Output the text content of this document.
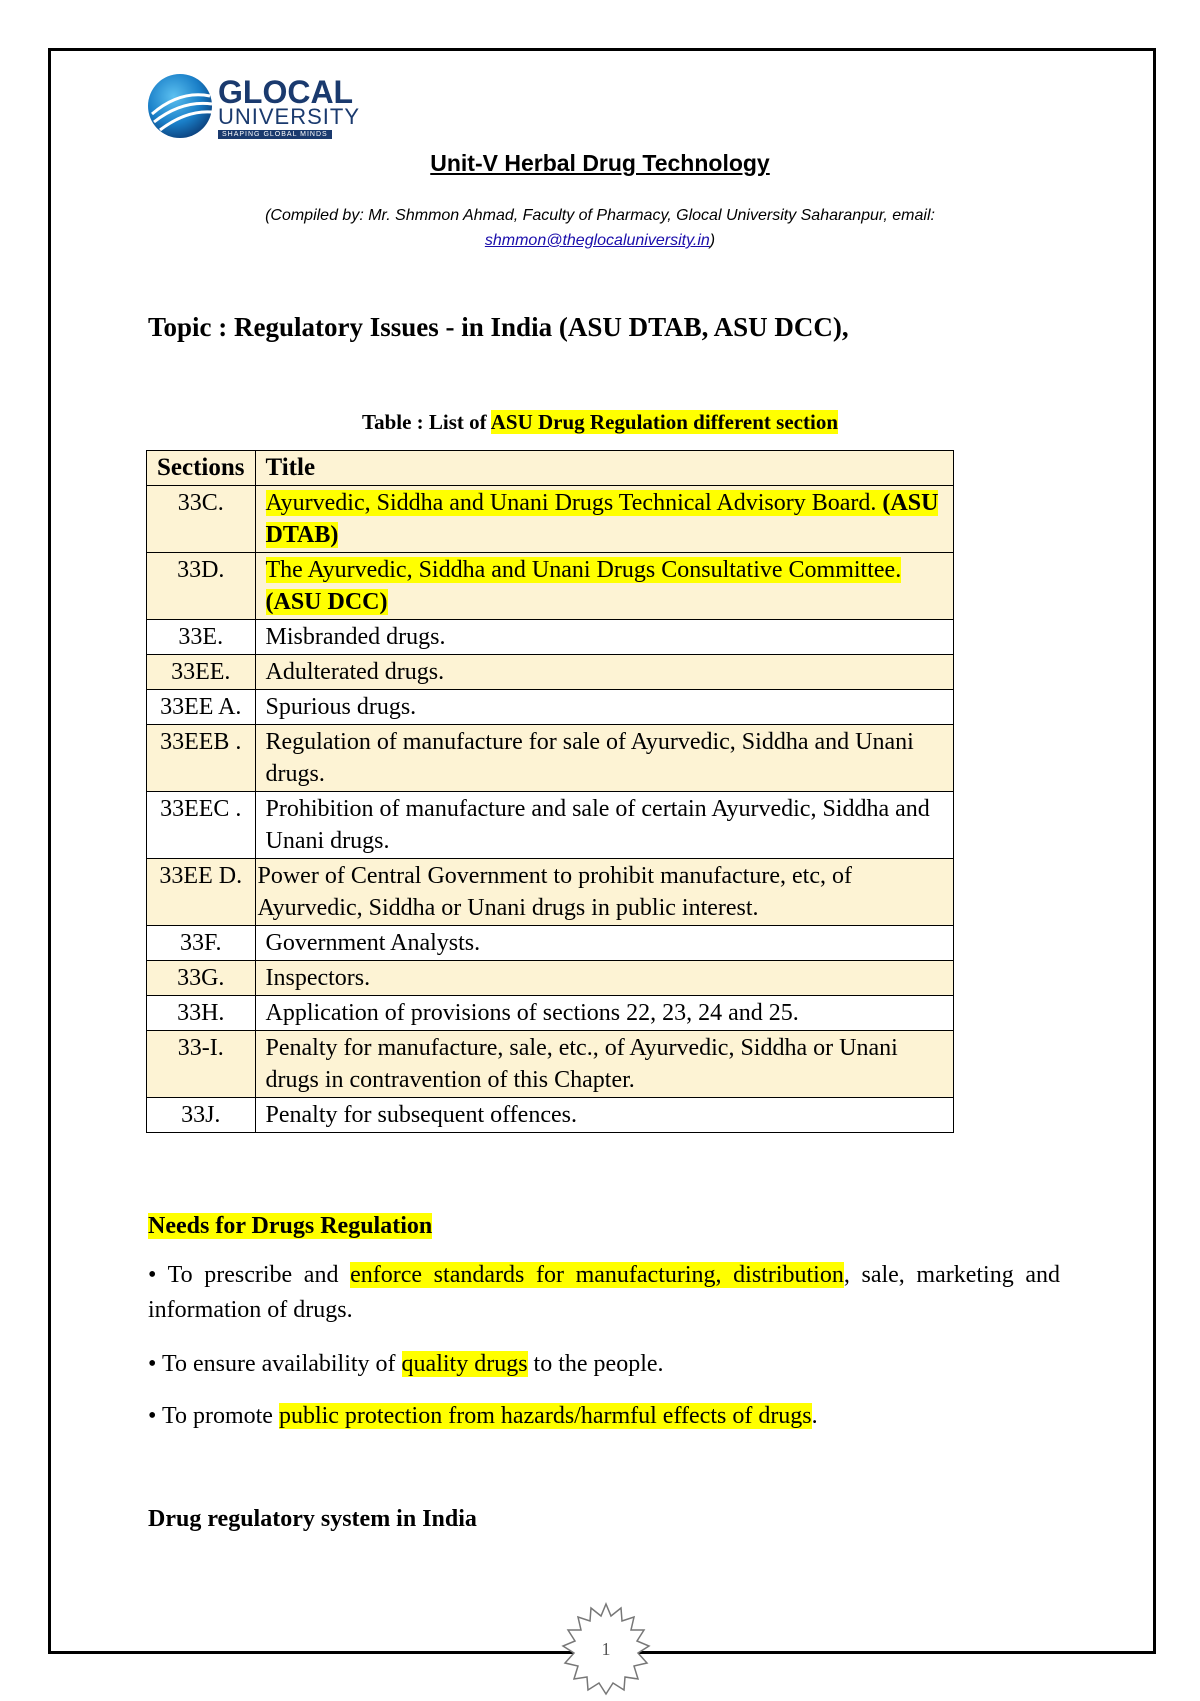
GLOCAL
UNIVERSITY
SHAPING GLOBAL MINDS
Unit-V Herbal Drug Technology
(Compiled by: Mr. Shmmon Ahmad, Faculty of Pharmacy, Glocal University Saharanpur, email:
shmmon@theglocaluniversity.in)
Topic : Regulatory Issues - in India (ASU DTAB, ASU DCC),
Table : List of ASU Drug Regulation different section
Sections	Title
33C.	Ayurvedic, Siddha and Unani Drugs Technical Advisory Board. (ASU DTAB)
33D.	The Ayurvedic, Siddha and Unani Drugs Consultative Committee. (ASU DCC)
33E.	Misbranded drugs.
33EE.	Adulterated drugs.
33EE A.	Spurious drugs.
33EEB .	Regulation of manufacture for sale of Ayurvedic, Siddha and Unani drugs.
33EEC .	Prohibition of manufacture and sale of certain Ayurvedic, Siddha and Unani drugs.
33EE D.	Power of Central Government to prohibit manufacture, etc, of Ayurvedic, Siddha or Unani drugs in public interest.
33F.	Government Analysts.
33G.	Inspectors.
33H.	Application of provisions of sections 22, 23, 24 and 25.
33-I.	Penalty for manufacture, sale, etc., of Ayurvedic, Siddha or Unani drugs in contravention of this Chapter.
33J.	Penalty for subsequent offences.
Needs for Drugs Regulation
• To prescribe and enforce standards for manufacturing, distribution, sale, marketing and information of drugs.
• To ensure availability of quality drugs to the people.
• To promote public protection from hazards/harmful effects of drugs.
Drug regulatory system in India
1
